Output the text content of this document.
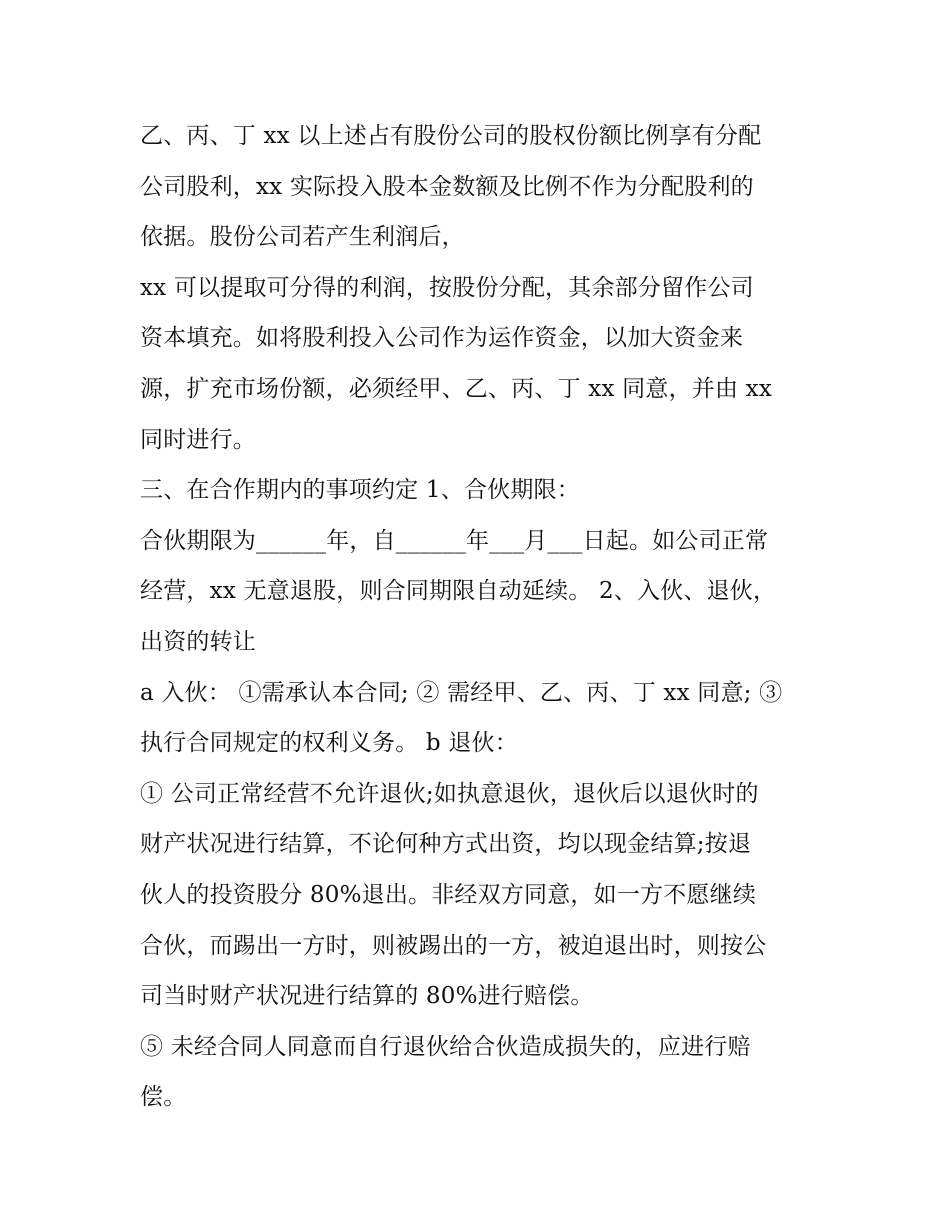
乙、丙、丁 xx 以上述占有股份公司的股权份额比例享有分配
公司股利，xx 实际投入股本金数额及比例不作为分配股利的
依据。股份公司若产生利润后，
xx 可以提取可分得的利润，按股份分配，其余部分留作公司
资本填充。如将股利投入公司作为运作资金，以加大资金来
源，扩充市场份额，必须经甲、乙、丙、丁 xx 同意，并由 xx
同时进行。
三、在合作期内的事项约定 1、合伙期限：
合伙期限为______年，自______年___月___日起。如公司正常
经营，xx 无意退股，则合同期限自动延续。 2、入伙、退伙，
出资的转让
a 入伙： ①需承认本合同; ② 需经甲、乙、丙、丁 xx 同意; ③
执行合同规定的权利义务。 b 退伙：
① 公司正常经营不允许退伙;如执意退伙，退伙后以退伙时的
财产状况进行结算，不论何种方式出资，均以现金结算;按退
伙人的投资股分 80%退出。非经双方同意，如一方不愿继续
合伙，而踢出一方时，则被踢出的一方，被迫退出时，则按公
司当时财产状况进行结算的 80%进行赔偿。
⑤ 未经合同人同意而自行退伙给合伙造成损失的，应进行赔
偿。
